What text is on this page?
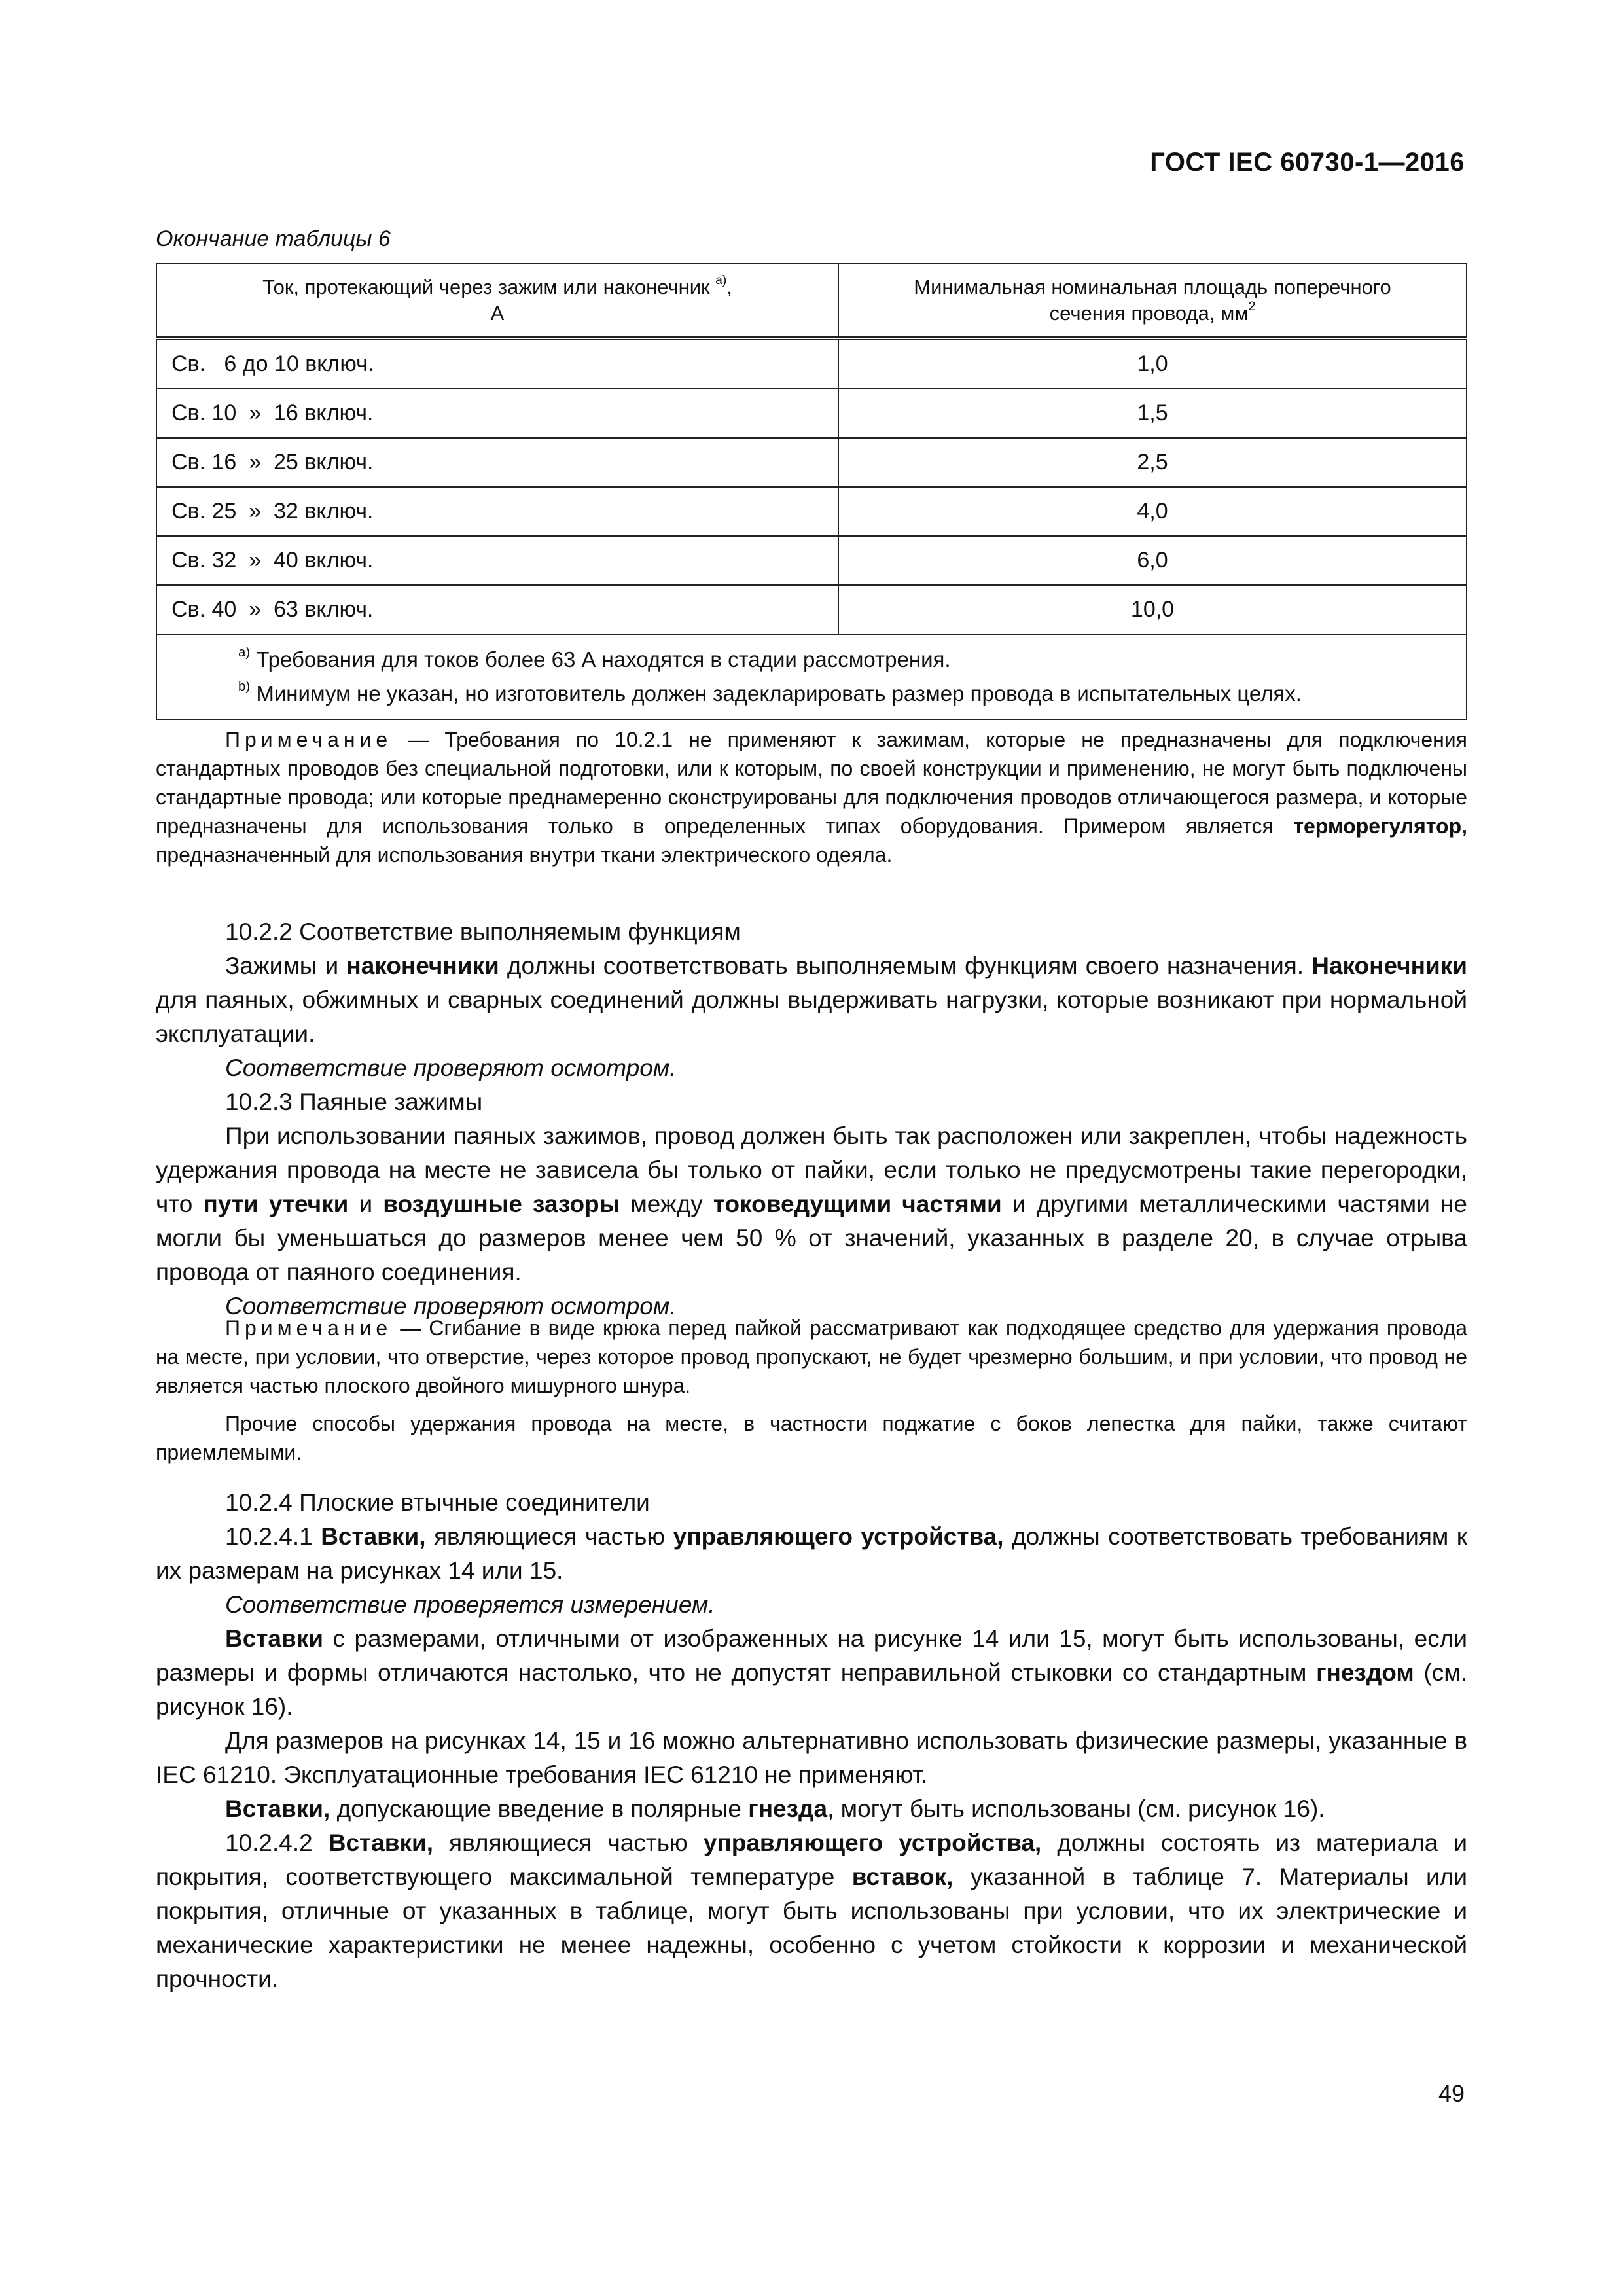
ГОСТ IEC 60730-1—2016
Окончание таблицы 6
Ток, протекающий через зажим или наконечник $^{а)}$,
А	Минимальная номинальная площадь поперечного
сечения провода, $мм^2$
Св.   6 до 10 включ.	1,0
Св. 10  »  16 включ.	1,5
Св. 16  »  25 включ.	2,5
Св. 25  »  32 включ.	4,0
Св. 32  »  40 включ.	6,0
Св. 40  »  63 включ.	10,0

$^{а)}$ Требования для токов более 63 А находятся в стадии рассмотрения.
$^{b)}$ Минимум не указан, но изготовитель должен задекларировать размер провода в испытательных целях.	

Примечание — Требования по 10.2.1 не применяют к зажимам, которые не предназначены для подключения стандартных проводов без специальной подготовки, или к которым, по своей конструкции и применению, не могут быть подключены стандартные провода; или которые преднамеренно сконструированы для подключения проводов отличающегося размера, и которые предназначены для использования только в определенных типах оборудования. Примером является терморегулятор, предназначенный для использования внутри ткани электрического одеяла.

10.2.2 Соответствие выполняемым функциям

Зажимы и наконечники должны соответствовать выполняемым функциям своего назначения. Наконечники для паяных, обжимных и сварных соединений должны выдерживать нагрузки, которые возникают при нормальной эксплуатации.

Соответствие проверяют осмотром.

10.2.3 Паяные зажимы

При использовании паяных зажимов, провод должен быть так расположен или закреплен, чтобы надежность удержания провода на месте не зависела бы только от пайки, если только не предусмотрены такие перегородки, что пути утечки и воздушные зазоры между токоведущими частями и другими металлическими частями не могли бы уменьшаться до размеров менее чем 50 % от значений, указанных в разделе 20, в случае отрыва провода от паяного соединения.

Соответствие проверяют осмотром.

Примечание — Сгибание в виде крюка перед пайкой рассматривают как подходящее средство для удержания провода на месте, при условии, что отверстие, через которое провод пропускают, не будет чрезмерно большим, и при условии, что провод не является частью плоского двойного мишурного шнура.

Прочие способы удержания провода на месте, в частности поджатие с боков лепестка для пайки, также считают приемлемыми.

10.2.4 Плоские втычные соединители

10.2.4.1 Вставки, являющиеся частью управляющего устройства, должны соответствовать требованиям к их размерам на рисунках 14 или 15.

Соответствие проверяется измерением.

Вставки с размерами, отличными от изображенных на рисунке 14 или 15, могут быть использованы, если размеры и формы отличаются настолько, что не допустят неправильной стыковки со стандартным гнездом (см. рисунок 16).

Для размеров на рисунках 14, 15 и 16 можно альтернативно использовать физические размеры, указанные в IEC 61210. Эксплуатационные требования IEC 61210 не применяют.

Вставки, допускающие введение в полярные гнезда, могут быть использованы (см. рисунок 16).

10.2.4.2 Вставки, являющиеся частью управляющего устройства, должны состоять из материала и покрытия, соответствующего максимальной температуре вставок, указанной в таблице 7. Материалы или покрытия, отличные от указанных в таблице, могут быть использованы при условии, что их электрические и механические характеристики не менее надежны, особенно с учетом стойкости к коррозии и механической прочности.

49
